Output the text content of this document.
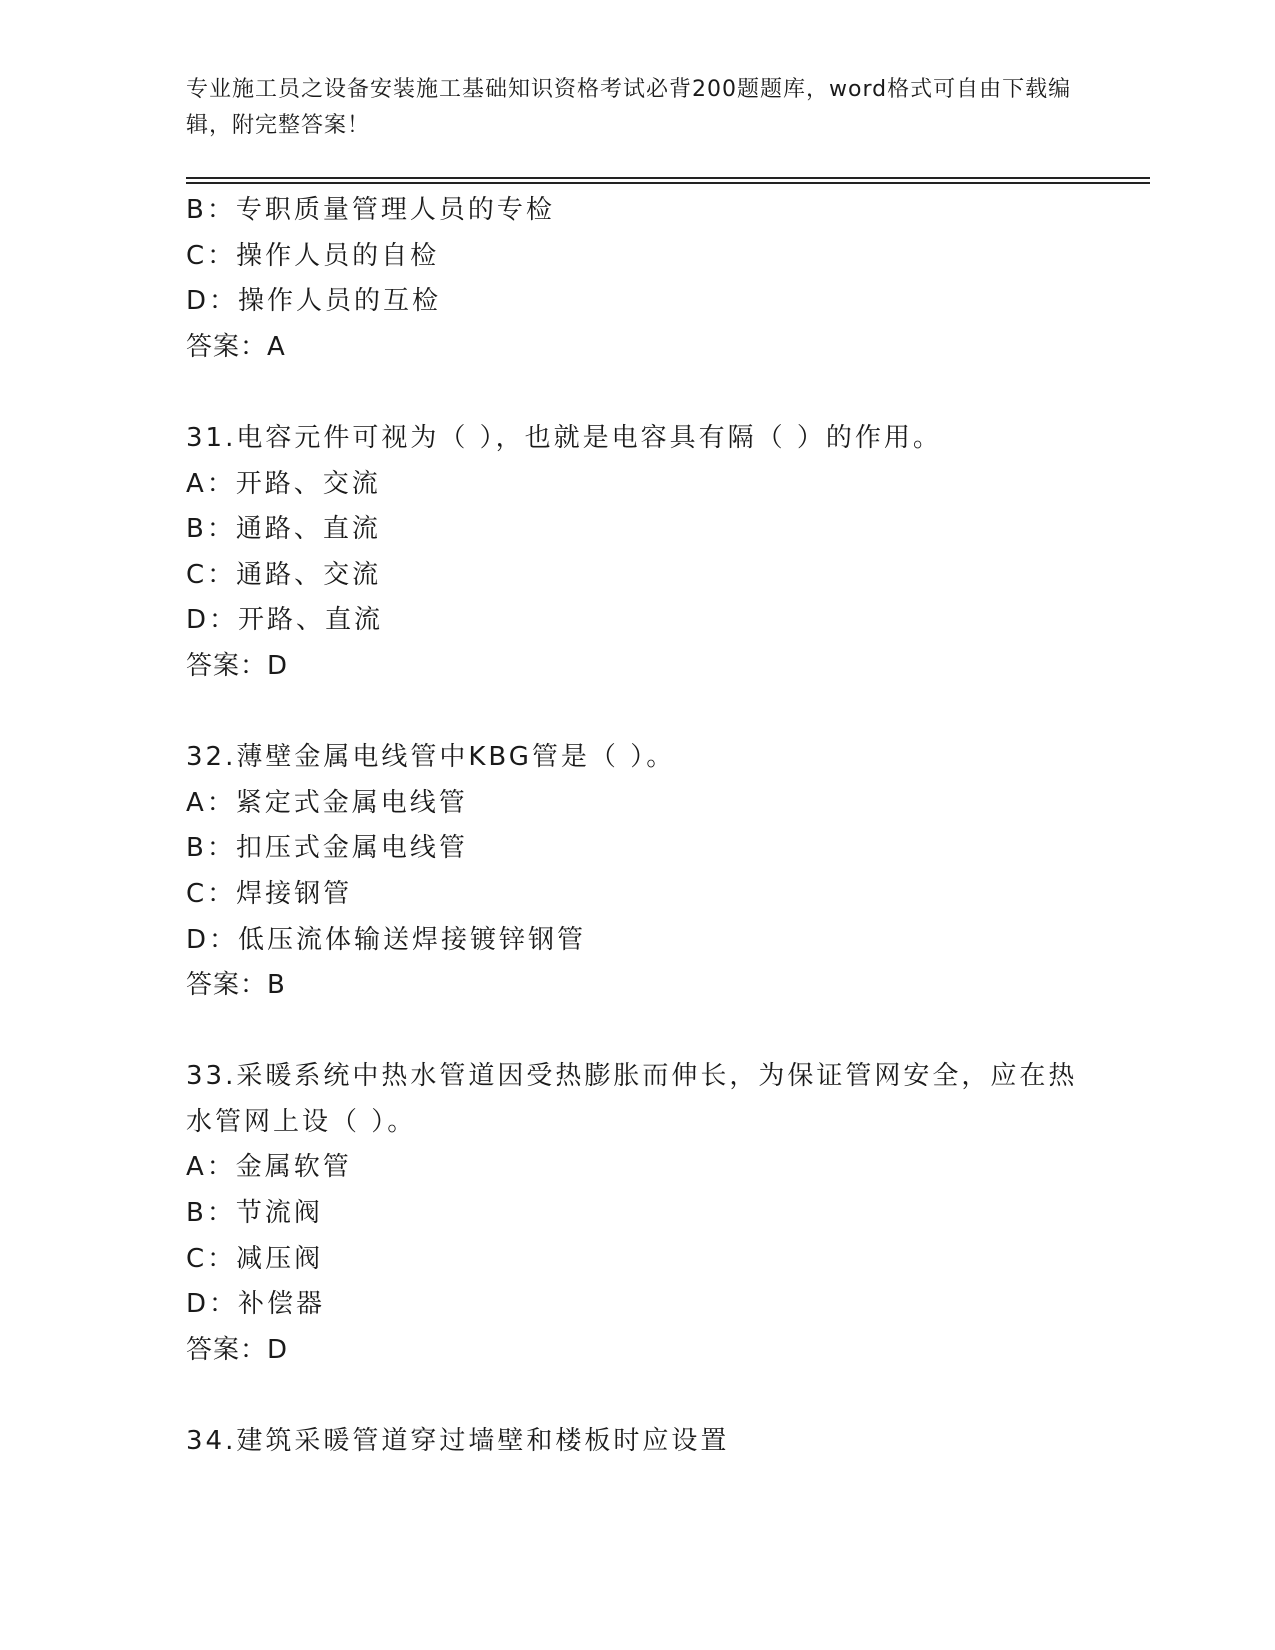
专业施工员之设备安装施工基础知识资格考试必背200题题库，word格式可自由下载编辑，附完整答案！
B：专职质量管理人员的专检
C：操作人员的自检
D：操作人员的互检
答案：A
31.电容元件可视为（ ），也就是电容具有隔（ ）的作用。
A：开路、交流
B：通路、直流
C：通路、交流
D：开路、直流
答案：D
32.薄壁金属电线管中KBG管是（ ）。
A：紧定式金属电线管
B：扣压式金属电线管
C：焊接钢管
D：低压流体输送焊接镀锌钢管
答案：B
33.采暖系统中热水管道因受热膨胀而伸长，为保证管网安全，应在热水管网上设（ ）。
A：金属软管
B：节流阀
C：减压阀
D：补偿器
答案：D
34.建筑采暖管道穿过墙壁和楼板时应设置
